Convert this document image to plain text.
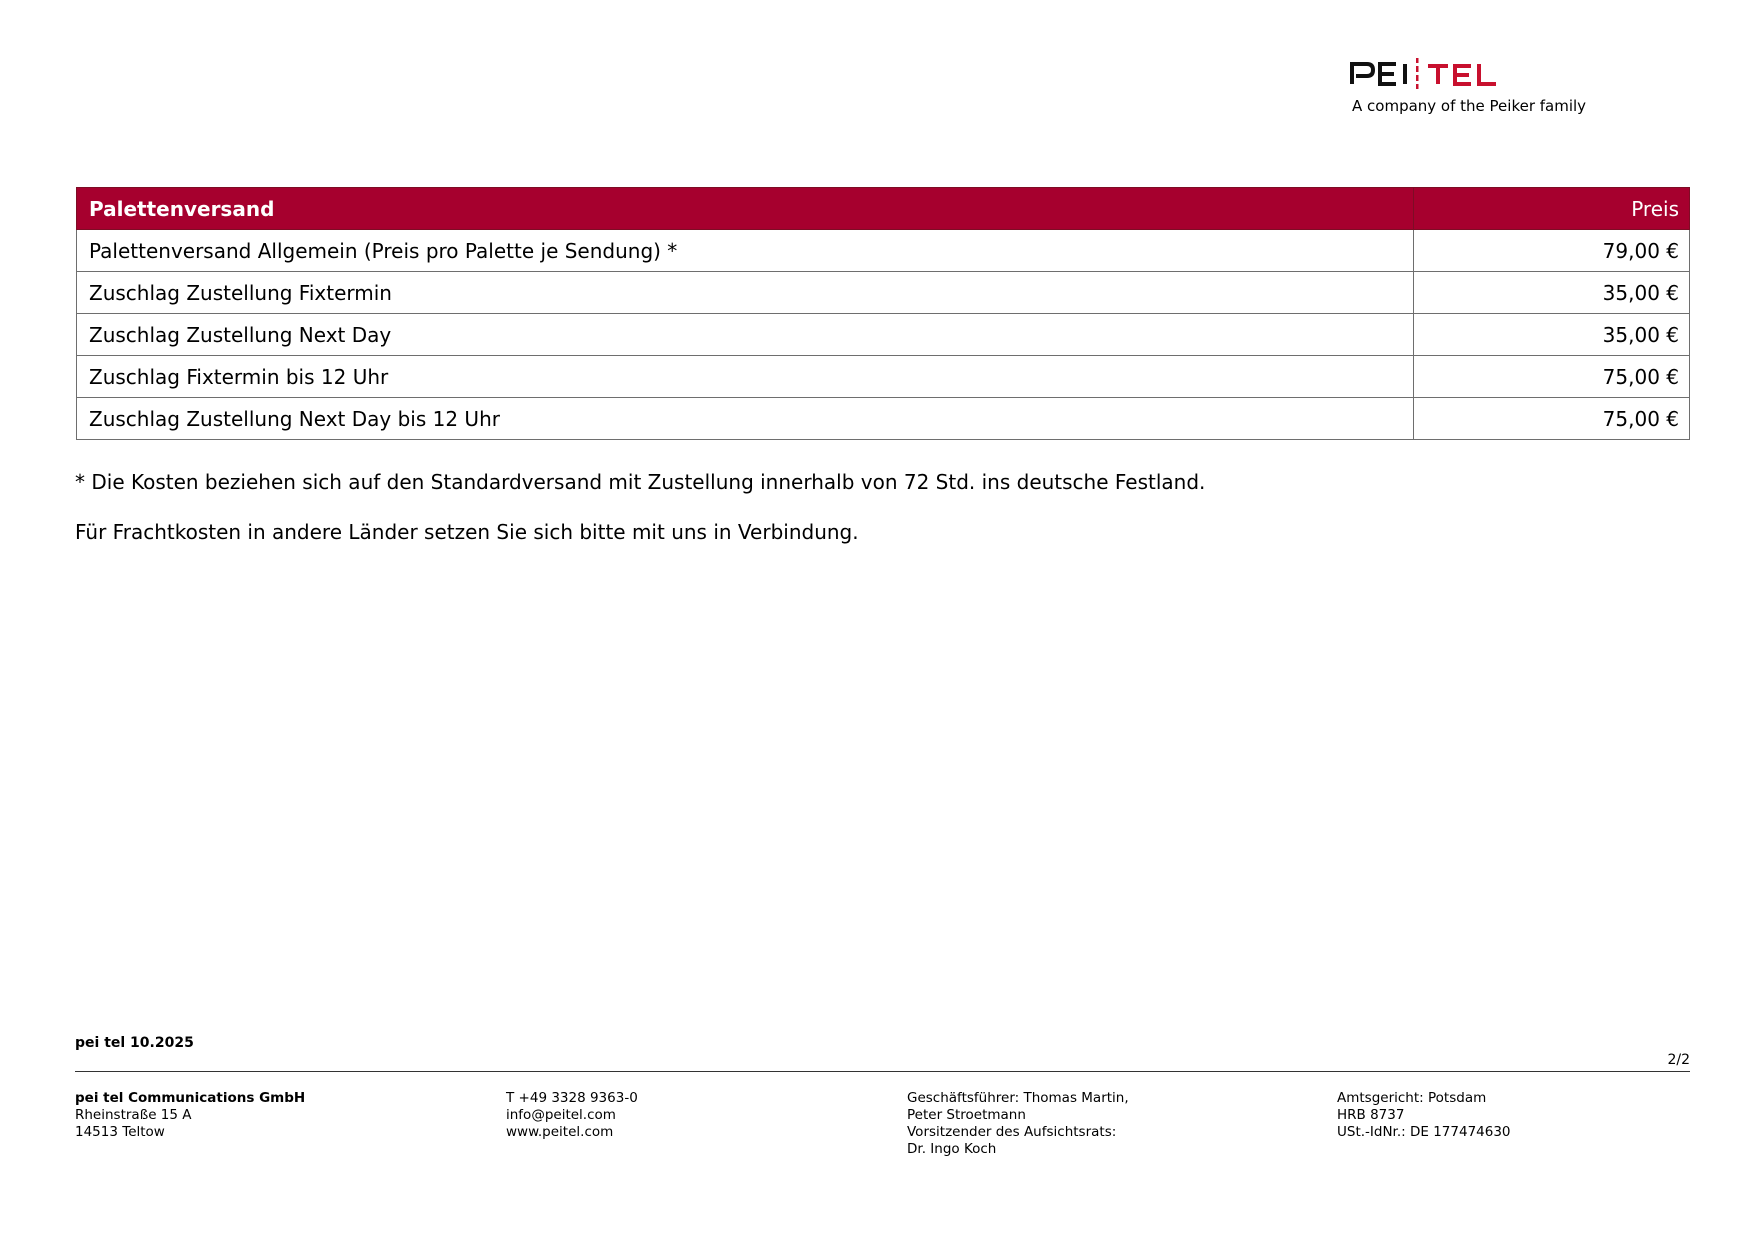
A company of the Peiker family
Palettenversand	Preis
Palettenversand Allgemein (Preis pro Palette je Sendung) *	79,00 €
Zuschlag Zustellung Fixtermin	35,00 €
Zuschlag Zustellung Next Day	35,00 €
Zuschlag Fixtermin bis 12 Uhr	75,00 €
Zuschlag Zustellung Next Day bis 12 Uhr	75,00 €
* Die Kosten beziehen sich auf den Standardversand mit Zustellung innerhalb von 72 Std. ins deutsche Festland.
Für Frachtkosten in andere Länder setzen Sie sich bitte mit uns in Verbindung.
pei tel 10.2025
2/2
pei tel Communications GmbH
Rheinstraße 15 A
14513 Teltow
T +49 3328 9363-0
info@peitel.com
www.peitel.com
Geschäftsführer: Thomas Martin,
Peter Stroetmann
Vorsitzender des Aufsichtsrats:
Dr. Ingo Koch
Amtsgericht: Potsdam
HRB 8737
USt.-IdNr.: DE 177474630
